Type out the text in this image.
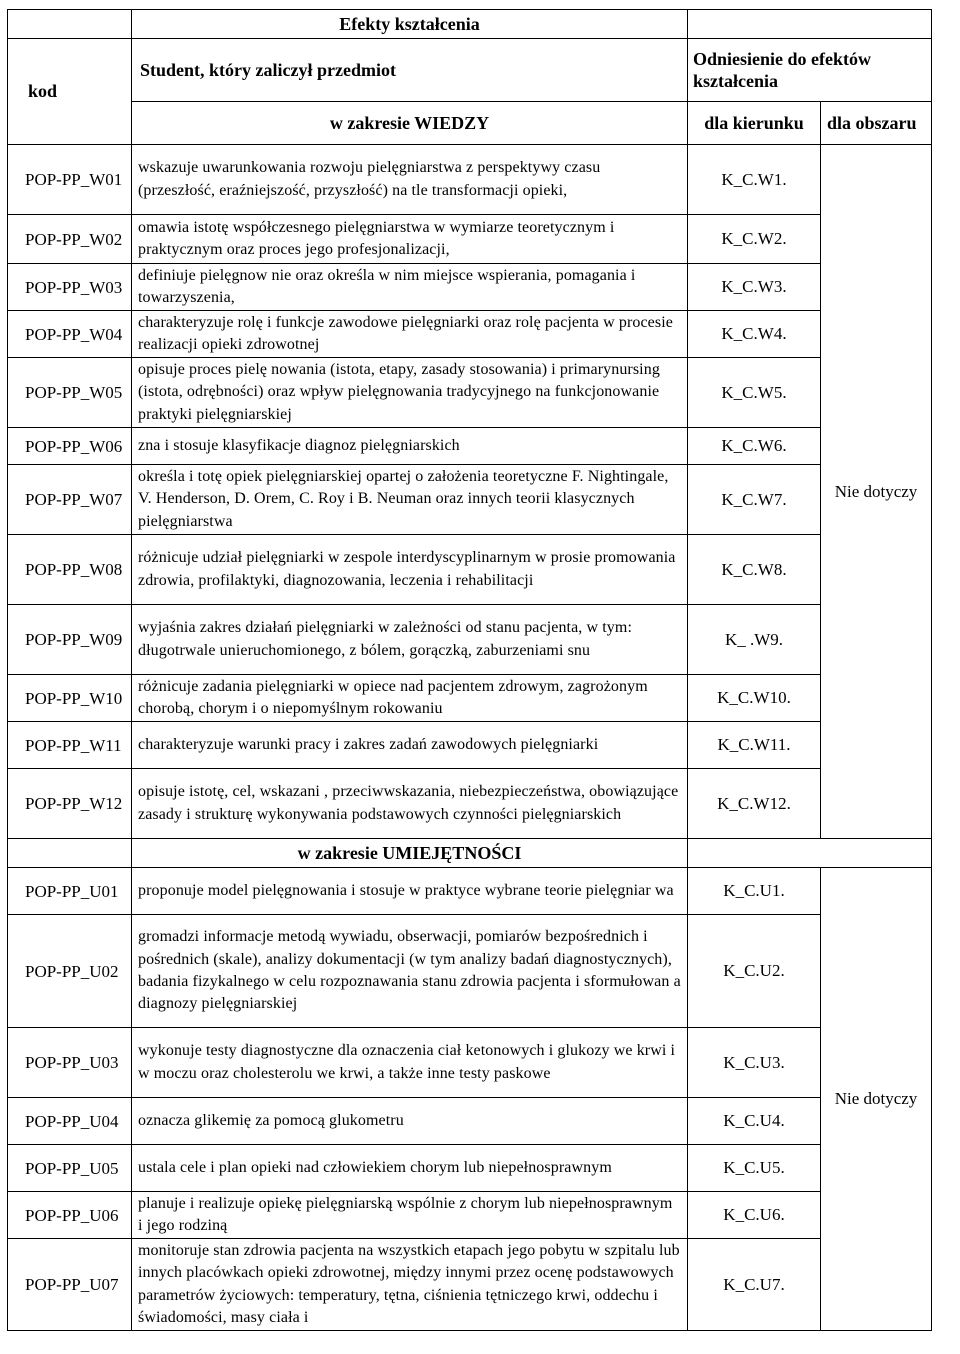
	Efekty kształcenia		
kod	Student, który zaliczył przedmiot	Odniesienie do efektów kształcenia	
	w zakresie WIEDZY	dla kierunku	dla obszaru
POP-PP_W01	wskazuje uwarunkowania rozwoju pielęgniarstwa z perspektywy czasu (przeszłość, eraźniejszość, przyszłość) na tle transformacji opieki,	K_C.W1.	Nie dotyczy
POP-PP_W02	omawia istotę współczesnego pielęgniarstwa w wymiarze teoretycznym i praktycznym oraz proces jego profesjonalizacji,	K_C.W2.	
POP-PP_W03	definiuje pielęgnow nie oraz określa w nim miejsce wspierania, pomagania i towarzyszenia,	K_C.W3.	
POP-PP_W04	charakteryzuje rolę i funkcje zawodowe pielęgniarki oraz rolę pacjenta w procesie realizacji opieki zdrowotnej	K_C.W4.	
POP-PP_W05	opisuje proces pielę nowania (istota, etapy, zasady stosowania) i primarynursing (istota, odrębności) oraz wpływ pielęgnowania tradycyjnego na funkcjonowanie praktyki pielęgniarskiej	K_C.W5.	
POP-PP_W06	zna i stosuje klasyfikacje diagnoz pielęgniarskich	K_C.W6.	
POP-PP_W07	określa i totę opiek pielęgniarskiej opartej o założenia teoretyczne F. Nightingale, V. Henderson, D. Orem, C. Roy i B. Neuman oraz innych teorii klasycznych pielęgniarstwa	K_C.W7.	
POP-PP_W08	różnicuje udział pielęgniarki w zespole interdyscyplinarnym w prosie promowania zdrowia, profilaktyki, diagnozowania, leczenia i rehabilitacji	K_C.W8.	
POP-PP_W09	wyjaśnia zakres działań pielęgniarki w zależności od stanu pacjenta, w tym: długotrwale unieruchomionego, z bólem, gorączką, zaburzeniami snu	K_ .W9.	
POP-PP_W10	różnicuje zadania pielęgniarki w opiece nad pacjentem zdrowym, zagrożonym chorobą, chorym i o niepomyślnym rokowaniu	K_C.W10.	
POP-PP_W11	charakteryzuje warunki pracy i zakres zadań zawodowych pielęgniarki	K_C.W11.	
POP-PP_W12	opisuje istotę, cel, wskazani , przeciwwskazania, niebezpieczeństwa, obowiązujące zasady i strukturę wykonywania podstawowych czynności pielęgniarskich	K_C.W12.	
	w zakresie UMIEJĘTNOŚCI		
POP-PP_U01	proponuje model pielęgnowania i stosuje w praktyce wybrane teorie pielęgniar wa	K_C.U1.	Nie dotyczy
POP-PP_U02	gromadzi informacje metodą wywiadu, obserwacji, pomiarów bezpośrednich i pośrednich (skale), analizy dokumentacji (w tym analizy badań diagnostycznych), badania fizykalnego w celu rozpoznawania stanu zdrowia pacjenta i sformułowan a diagnozy pielęgniarskiej	K_C.U2.	
POP-PP_U03	wykonuje testy diagnostyczne dla oznaczenia ciał ketonowych i glukozy we krwi i w moczu oraz cholesterolu we krwi, a także inne testy paskowe	K_C.U3.	
POP-PP_U04	oznacza glikemię za pomocą glukometru	K_C.U4.	
POP-PP_U05	ustala cele i plan opieki nad człowiekiem chorym lub niepełnosprawnym	K_C.U5.	
POP-PP_U06	planuje i realizuje opiekę pielęgniarską wspólnie z chorym lub niepełnosprawnym i jego rodziną	K_C.U6.	
POP-PP_U07	monitoruje stan zdrowia pacjenta na wszystkich etapach jego pobytu w szpitalu lub innych placówkach opieki zdrowotnej, między innymi przez ocenę podstawowych parametrów życiowych: temperatury, tętna, ciśnienia tętniczego krwi, oddechu i świadomości, masy ciała i	K_C.U7.	
